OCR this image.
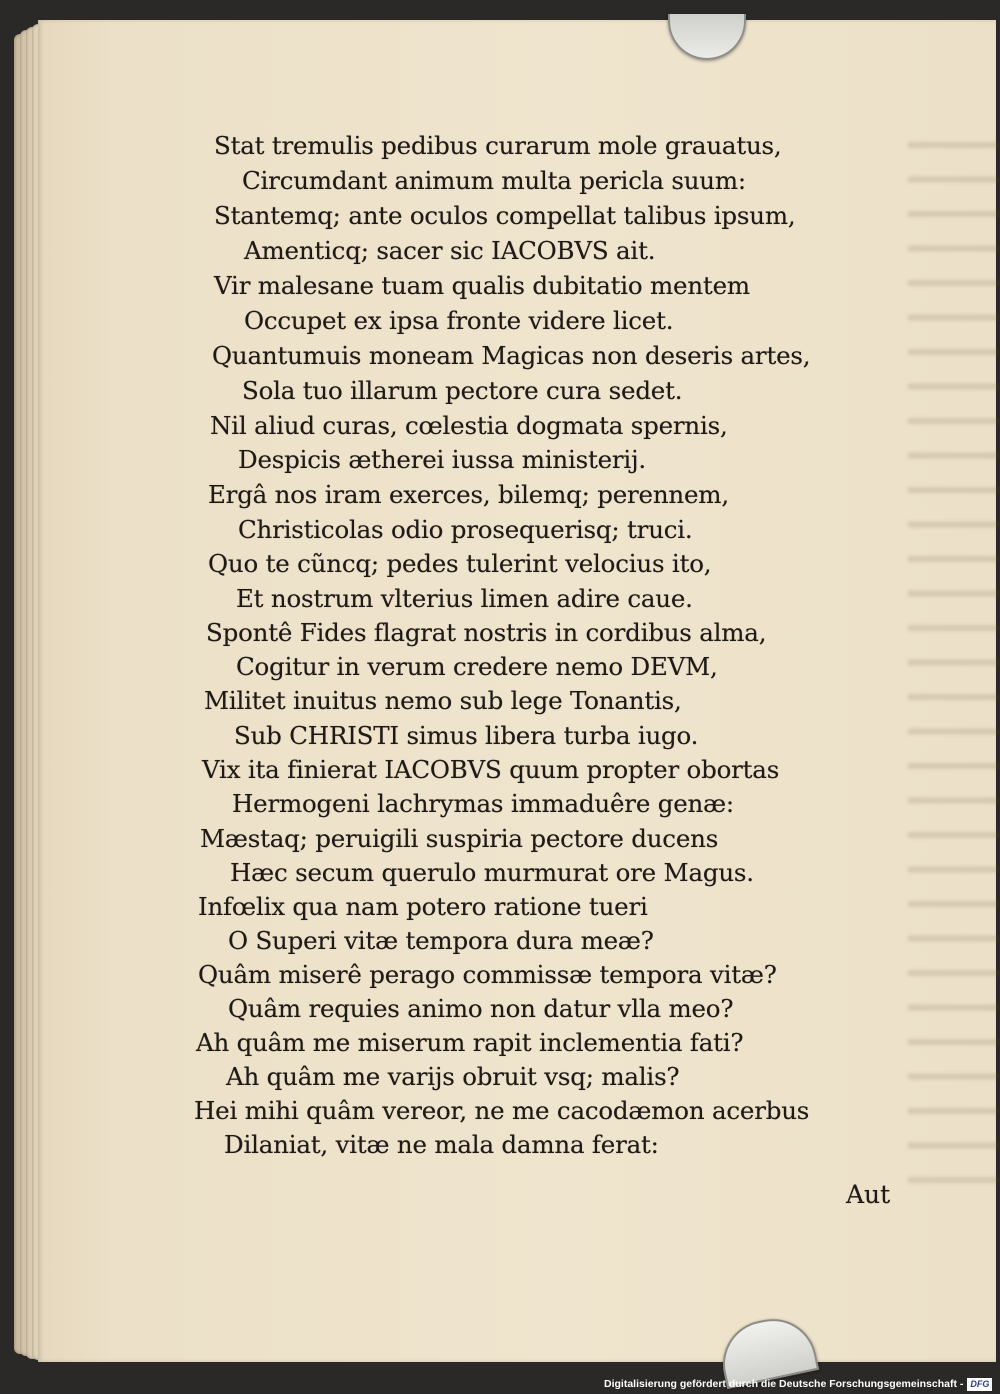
Stat tremulis pedibus curarum mole grauatus,
Circumdant animum multa pericla suum:
Stantemq; ante oculos compellat talibus ipsum,
Amenticq; sacer sic IACOBVS ait.
Vir malesane tuam qualis dubitatio mentem
Occupet ex ipsa fronte videre licet.
Quantumuis moneam Magicas non deseris artes,
Sola tuo illarum pectore cura sedet.
Nil aliud curas, cœlestia dogmata spernis,
Despicis ætherei iussa ministerij.
Ergâ nos iram exerces, bilemq; perennem,
Christicolas odio prosequerisq; truci.
Quo te cũncq; pedes tulerint velocius ito,
Et nostrum vlterius limen adire caue.
Spontê Fides flagrat nostris in cordibus alma,
Cogitur in verum credere nemo DEVM,
Militet inuitus nemo sub lege Tonantis,
Sub CHRISTI simus libera turba iugo.
Vix ita finierat IACOBVS quum propter obortas
Hermogeni lachrymas immaduêre genæ:
Mæstaq; peruigili suspiria pectore ducens
Hæc secum querulo murmurat ore Magus.
Infœlix qua nam potero ratione tueri
O Superi vitæ tempora dura meæ?
Quâm miserê perago commissæ tempora vitæ?
Quâm requies animo non datur vlla meo?
Ah quâm me miserum rapit inclementia fati?
Ah quâm me varijs obruit vsq; malis?
Hei mihi quâm vereor, ne me cacodæmon acerbus
Dilaniat, vitæ ne mala damna ferat:
Aut
Digitalisierung gefördert durch die Deutsche Forschungsgemeinschaft - DFG
